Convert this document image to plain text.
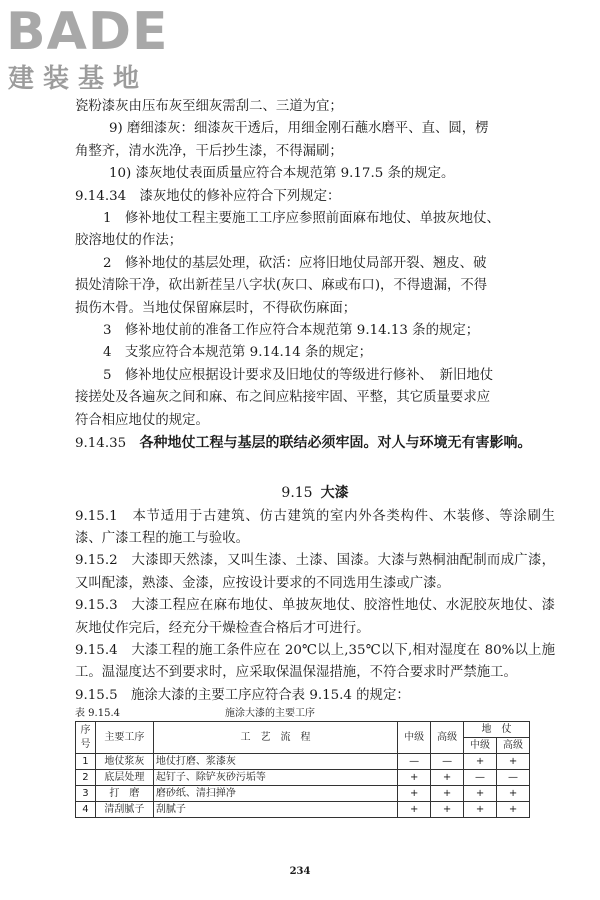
BADE
建装基地

瓷粉漆灰由压布灰至细灰需刮二、三道为宜；

9) 磨细漆灰：细漆灰干透后，用细金刚石蘸水磨平、直、圆，楞

角整齐，清水洗净，干后抄生漆，不得漏刷；

10) 漆灰地仗表面质量应符合本规范第 9.17.5 条的规定。

9.14.34　漆灰地仗的修补应符合下列规定：

1　修补地仗工程主要施工工序应参照前面麻布地仗、单披灰地仗、

胶溶地仗的作法；

2　修补地仗的基层处理，砍活：应将旧地仗局部开裂、翘皮、破

损处清除干净，砍出新茬呈八字状(灰口、麻或布口)，不得遗漏，不得

损伤木骨。当地仗保留麻层时，不得砍伤麻面；

3　修补地仗前的准备工作应符合本规范第 9.14.13 条的规定；

4　支浆应符合本规范第 9.14.14 条的规定；

5　修补地仗应根据设计要求及旧地仗的等级进行修补、　新旧地仗

接搓处及各遍灰之间和麻、布之间应粘接牢固、平整，其它质量要求应

符合相应地仗的规定。

9.14.35　 各种地仗工程与基层的联结必须牢固。对人与环境无有害影响。

9.15 大漆

9.15.1　 本节适用于古建筑、仿古建筑的室内外各类构件、木装修、等涂刷生漆、广漆工程的施工与验收。

9.15.2　 大漆即天然漆，又叫生漆、土漆、国漆。大漆与熟桐油配制而成广漆，又叫配漆，熟漆、金漆，应按设计要求的不同选用生漆或广漆。

9.15.3　 大漆工程应在麻布地仗、单披灰地仗、胶溶性地仗、水泥胶灰地仗、漆灰地仗作完后，经充分干燥检查合格后才可进行。

9.15.4　 大漆工程的施工条件应在 20℃以上,35℃以下,相对湿度在 80%以上施工。温湿度达不到要求时，应采取保温保湿措施，不符合要求时严禁施工。

9.15.5　 施涂大漆的主要工序应符合表 9.15.4 的规定：

表 9.15.4	施涂大漆的主要工序
序号	主要工序	工　艺　流　程	中级	高级	地　仗	
					中级	高级
1	地仗浆灰	地仗打磨、浆漆灰	—	—	+	+
2	底层处理	起钉子、除铲灰砂污垢等	+	+	—	—
3	打　磨	磨砂纸、清扫掸净	+	+	+	+
4	清刮腻子	刮腻子	+	+	+	+
234
